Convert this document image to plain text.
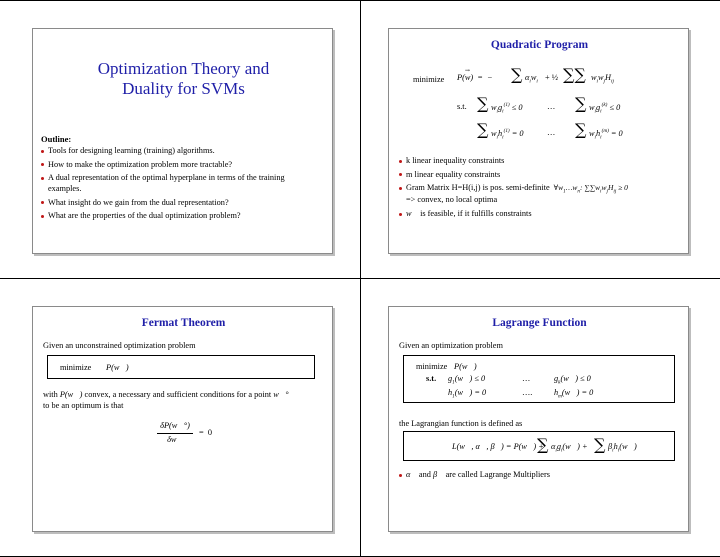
Optimization Theory and
Duality for SVMs
Outline:
Tools for designing learning (training) algorithms.
How to make the optimization problem more tractable?
A dual representation of the optimal hyperplane in terms of the training examples.
What insight do we gain from the dual representation?
What are the properties of the dual optimization problem?
Quadratic Program
minimize P(w
→
)  =  − ∑ $\alpha_iw_i$ + ½ ∑∑ $w_iw_jH_{ij}$
s.t. ∑ $w_ig_i^{(1)} \le 0$	… ∑ $w_ig_i^{(k)} \le 0$
∑ $w_ih_i^{(1)} = 0$	… ∑ $w_ih_i^{(m)} = 0$
k linear inequality constraints
m linear equality constraints
Gram Matrix H=H(i,j) is pos. semi-definite  $\forall w_1\dots w_n$: $\sum\sum w_iw_jH_{ij} \ge 0$
=> convex, no local optima
w⃗ is feasible, if it fulfills constraints
Fermat Theorem
Given an unconstrained optimization problem
minimize P(w⃗)
with P(w⃗) convex, a necessary and sufficient conditions for a point w⃗°
to be an optimum is that
δP(w⃗°)
δw⃗
=  0
Lagrange Function
Given an optimization problem
minimize P(w⃗)
s.t. $g_1(w⃗) \le 0$	…	$g_k(w⃗) \le 0$
$h_1(w⃗) = 0$	….	$h_m(w⃗) = 0$
the Lagrangian function is defined as
L(w⃗, α⃗, β⃗) = P(w⃗) +
∑ $\alpha_ig_i(w⃗)$ + ∑ $\beta_ih_i(w⃗)$
α⃗ and β⃗ are called Lagrange Multipliers
